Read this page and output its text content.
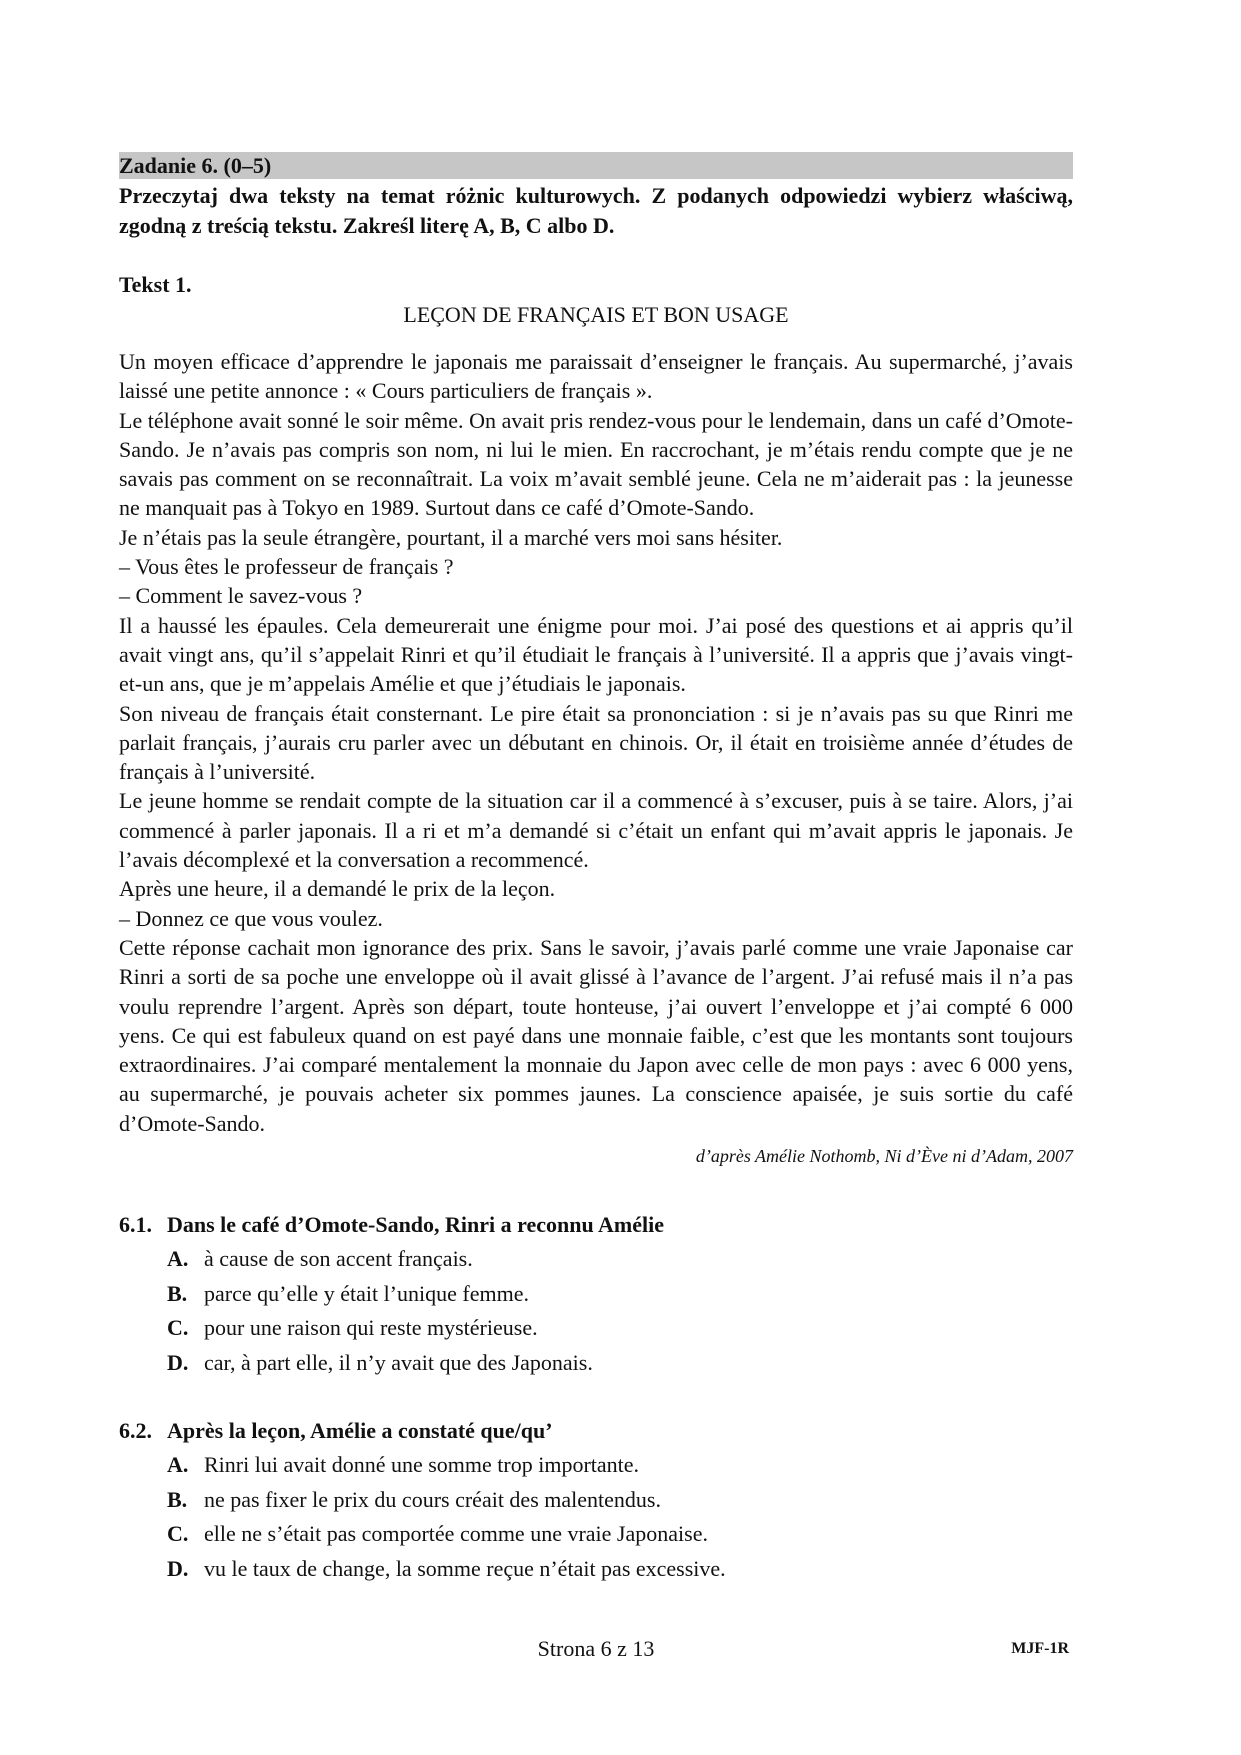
Zadanie 6. (0–5)
Przeczytaj dwa teksty na temat różnic kulturowych. Z podanych odpowiedzi wybierz właściwą, zgodną z treścią tekstu. Zakreśl literę A, B, C albo D.
Tekst 1.
LEÇON DE FRANÇAIS ET BON USAGE

Un moyen efficace d’apprendre le japonais me paraissait d’enseigner le français. Au supermarché, j’avais laissé une petite annonce : « Cours particuliers de français ».

Le téléphone avait sonné le soir même. On avait pris rendez-vous pour le lendemain, dans un café d’Omote-Sando. Je n’avais pas compris son nom, ni lui le mien. En raccrochant, je m’étais rendu compte que je ne savais pas comment on se reconnaîtrait. La voix m’avait semblé jeune. Cela ne m’aiderait pas : la jeunesse ne manquait pas à Tokyo en 1989. Surtout dans ce café d’Omote-Sando.

Je n’étais pas la seule étrangère, pourtant, il a marché vers moi sans hésiter.

– Vous êtes le professeur de français ?

– Comment le savez-vous ?

Il a haussé les épaules. Cela demeurerait une énigme pour moi. J’ai posé des questions et ai appris qu’il avait vingt ans, qu’il s’appelait Rinri et qu’il étudiait le français à l’université. Il a appris que j’avais vingt-et-un ans, que je m’appelais Amélie et que j’étudiais le japonais.

Son niveau de français était consternant. Le pire était sa prononciation : si je n’avais pas su que Rinri me parlait français, j’aurais cru parler avec un débutant en chinois. Or, il était en troisième année d’études de français à l’université.

Le jeune homme se rendait compte de la situation car il a commencé à s’excuser, puis à se taire. Alors, j’ai commencé à parler japonais. Il a ri et m’a demandé si c’était un enfant qui m’avait appris le japonais. Je l’avais décomplexé et la conversation a recommencé.

Après une heure, il a demandé le prix de la leçon.

– Donnez ce que vous voulez.

Cette réponse cachait mon ignorance des prix. Sans le savoir, j’avais parlé comme une vraie Japonaise car Rinri a sorti de sa poche une enveloppe où il avait glissé à l’avance de l’argent. J’ai refusé mais il n’a pas voulu reprendre l’argent. Après son départ, toute honteuse, j’ai ouvert l’enveloppe et j’ai compté 6 000 yens. Ce qui est fabuleux quand on est payé dans une monnaie faible, c’est que les montants sont toujours extraordinaires. J’ai comparé mentalement la monnaie du Japon avec celle de mon pays : avec 6 000 yens, au supermarché, je pouvais acheter six pommes jaunes. La conscience apaisée, je suis sortie du café d’Omote-Sando.

d’après Amélie Nothomb, Ni d’Ève ni d’Adam, 2007
6.1. Dans le café d’Omote-Sando, Rinri a reconnu Amélie
A. à cause de son accent français.
B. parce qu’elle y était l’unique femme.
C. pour une raison qui reste mystérieuse.
D. car, à part elle, il n’y avait que des Japonais.
6.2. Après la leçon, Amélie a constaté que/qu’
A. Rinri lui avait donné une somme trop importante.
B. ne pas fixer le prix du cours créait des malentendus.
C. elle ne s’était pas comportée comme une vraie Japonaise.
D. vu le taux de change, la somme reçue n’était pas excessive.
Strona 6 z 13	MJF-1R
